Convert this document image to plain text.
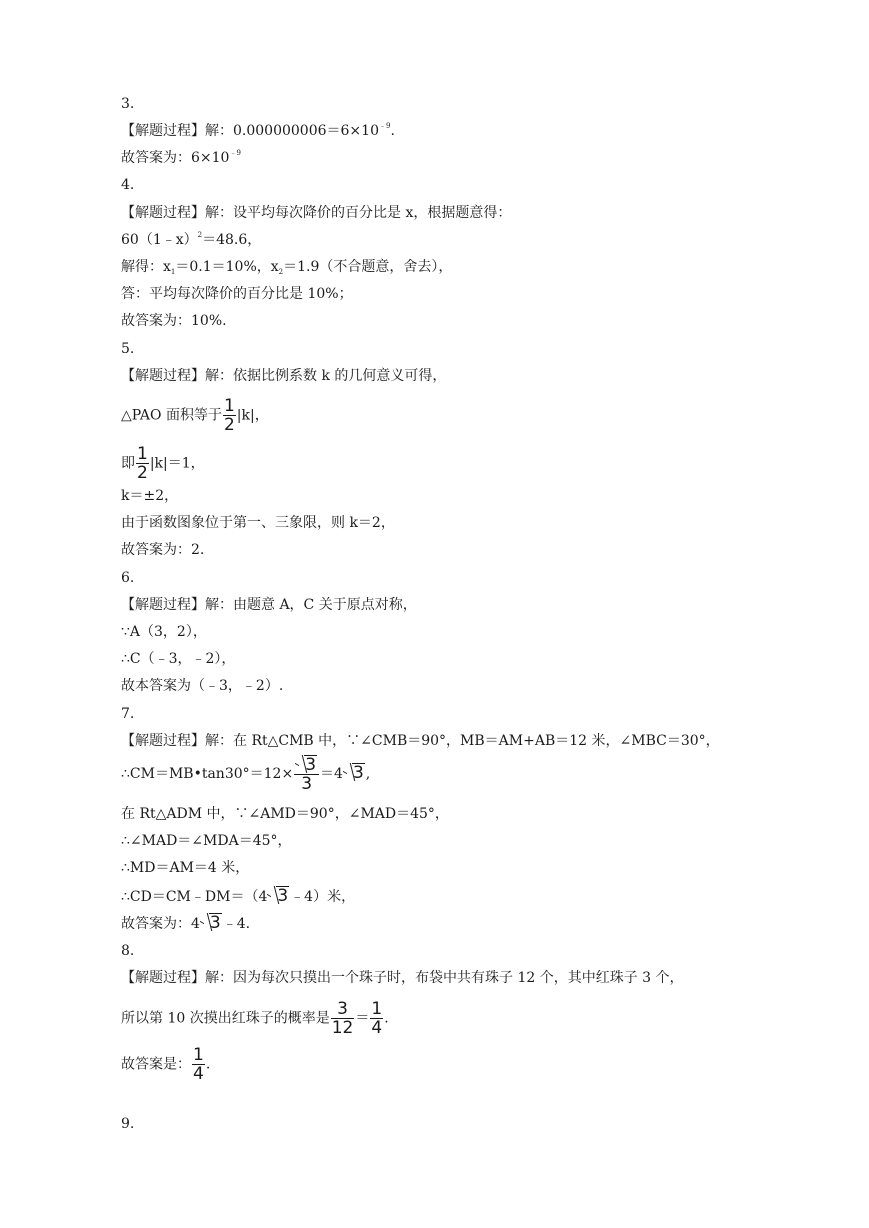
3.
【解题过程】解：$0.000000006=6\times 10^{﹣9}$.
故答案为：$6\times 10^{﹣9}$
4.
【解题过程】解：设平均每次降价的百分比是 x，根据题意得：
60（1﹣x）$^2$＝48.6，
解得：$x_1=0.1=10\%$，$x_2=1.9$（不合题意，舍去），
答：平均每次降价的百分比是 10%；
故答案为：10%.
5.
【解题过程】解：依据比例系数 k 的几何意义可得，
△PAO 面积等于 $\frac{1}{2} |k|$，
即 $\frac{1}{2} |k|=1$，
k＝±2，
由于函数图象位于第一、三象限，则 k＝2，
故答案为：2.
6.
【解题过程】解：由题意 A，C 关于原点对称，
∵A（3，2），
∴C（﹣3，﹣2），
故本答案为（﹣3，﹣2）.
7.
【解题过程】解：在 Rt△CMB 中，∵∠CMB＝90°，MB＝AM+AB＝12 米，∠MBC＝30°，
∴CM＝MB•tan30°＝12× $\frac{3}{3} =4$ 3 ,
在 Rt△ADM 中，∵∠AMD＝90°，∠MAD＝45°，
∴∠MAD＝∠MDA＝45°，
∴MD＝AM＝4 米，
∴CD＝CM﹣DM＝（4 3 ﹣4）米，
故答案为：4 3 ﹣4.
8.
【解题过程】解：因为每次只摸出一个珠子时，布袋中共有珠子 12 个，其中红珠子 3 个，
所以第 10 次摸出红珠子的概率是 $\frac{3}{12} = \frac{1}{4}$ .
故答案是： $\frac{1}{4}$ .
9.
